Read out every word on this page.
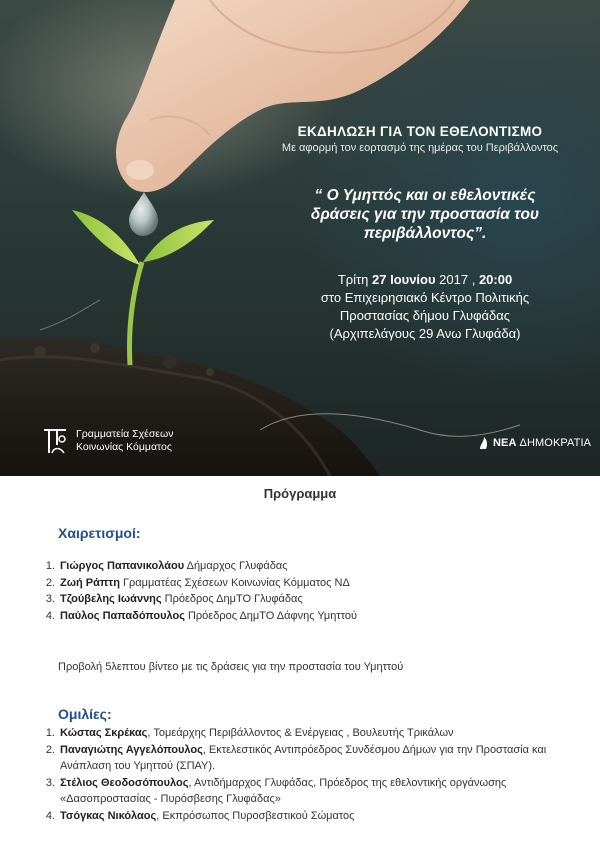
ΕΚΔΗΛΩΣΗ ΓΙΑ ΤΟΝ ΕΘΕΛΟΝΤΙΣΜΟ
Με αφορμή τον εορτασμό της ημέρας του Περιβάλλοντος
“ Ο Υμηττός και οι εθελοντικές
δράσεις για την προστασία του
περιβάλλοντος”.
Τρίτη 27 Ιουνίου 2017 , 20:00
στο Επιχειρησιακό Κέντρο Πολιτικής
Προστασίας δήμου Γλυφάδας
(Αρχιπελάγους 29 Ανω Γλυφάδα)
Γραμματεία Σχέσεων
Κοινωνίας Κόμματος	ΝΕΑ ΔΗΜΟΚΡΑΤΙΑ
Πρόγραμμα
Χαιρετισμοί:
1. Γιώργος Παπανικολάου Δήμαρχος Γλυφάδας
2. Ζωή Ράπτη Γραμματέας Σχέσεων Κοινωνίας Κόμματος ΝΔ
3. Τζούβελης Ιωάννης Πρόεδρος ΔημΤΟ Γλυφάδας
4. Παύλος Παπαδόπουλος Πρόεδρος ΔημΤΟ Δάφνης Υμηττού
Προβολή 5λεπτου βίντεο με τις δράσεις για την προστασία του Υμηττού
Ομιλίες:
1. Κώστας Σκρέκας, Τομεάρχης Περιβάλλοντος & Ενέργειας , Βουλευτής Τρικάλων
2. Παναγιώτης Αγγελόπουλος, Εκτελεστικός Αντιπρόεδρος Συνδέσμου Δήμων για την Προστασία και Ανάπλαση του Υμηττού (ΣΠΑΥ).
3. Στέλιος Θεοδοσόπουλος, Αντιδήμαρχος Γλυφάδας, Πρόεδρος της εθελοντικής οργάνωσης «Δασοπροστασίας - Πυρόσβεσης Γλυφάδας»
4. Τσόγκας Νικόλαος, Εκπρόσωπος Πυροσβεστικού Σώματος
